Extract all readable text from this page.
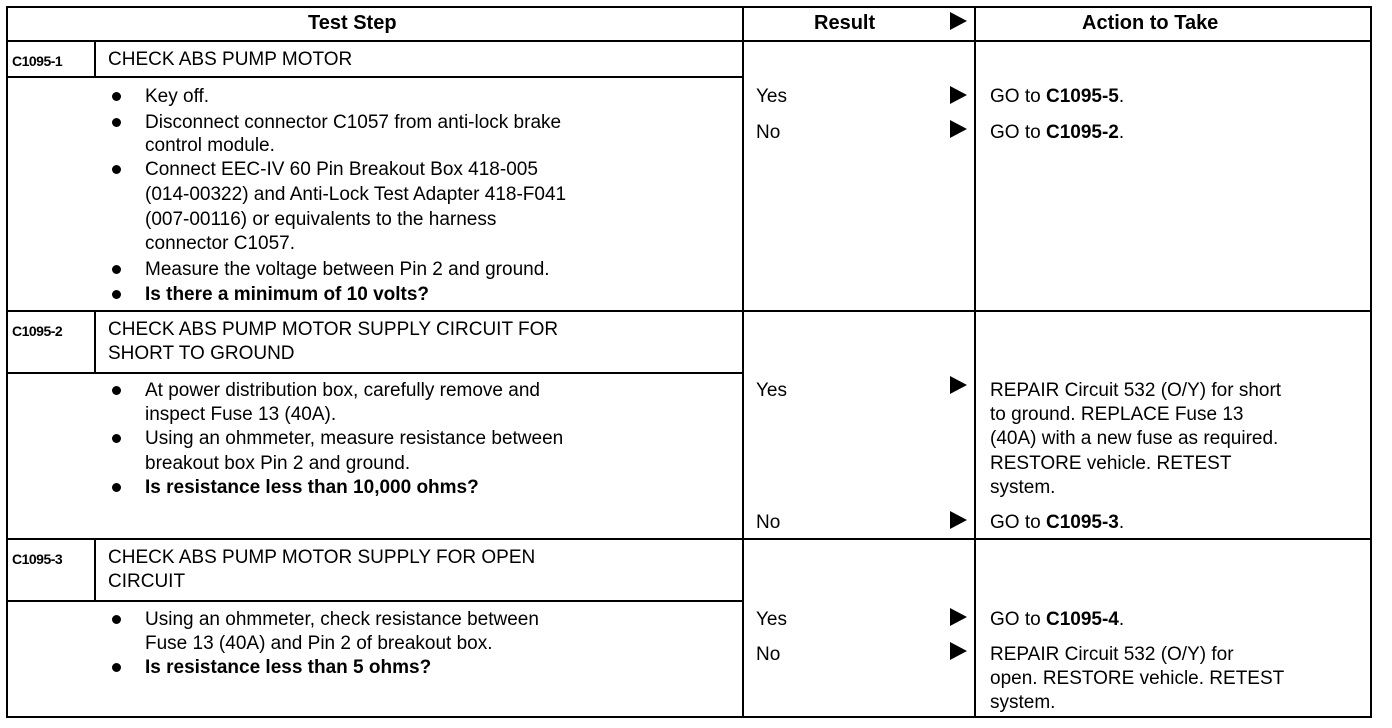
Test Step	Result	Action to Take
C1095-1 CHECK ABS PUMP MOTOR
Key off.
Disconnect connector C1057 from anti-lock brake
control module.
Connect EEC-IV 60 Pin Breakout Box 418-005
(014-00322) and Anti-Lock Test Adapter 418-F041
(007-00116) or equivalents to the harness
connector C1057.
Measure the voltage between Pin 2 and ground.
Is there a minimum of 10 volts?
Yes	GO to C1095-5.
No	GO to C1095-2.
C1095-2 CHECK ABS PUMP MOTOR SUPPLY CIRCUIT FOR
SHORT TO GROUND
At power distribution box, carefully remove and
inspect Fuse 13 (40A).
Using an ohmmeter, measure resistance between
breakout box Pin 2 and ground.
Is resistance less than 10,000 ohms?
Yes	REPAIR Circuit 532 (O/Y) for short
to ground. REPLACE Fuse 13
(40A) with a new fuse as required.
RESTORE vehicle. RETEST
system.
No	GO to C1095-3.
C1095-3 CHECK ABS PUMP MOTOR SUPPLY FOR OPEN
CIRCUIT
Using an ohmmeter, check resistance between
Fuse 13 (40A) and Pin 2 of breakout box.
Is resistance less than 5 ohms?
Yes	GO to C1095-4.
No	REPAIR Circuit 532 (O/Y) for
open. RESTORE vehicle. RETEST
system.
